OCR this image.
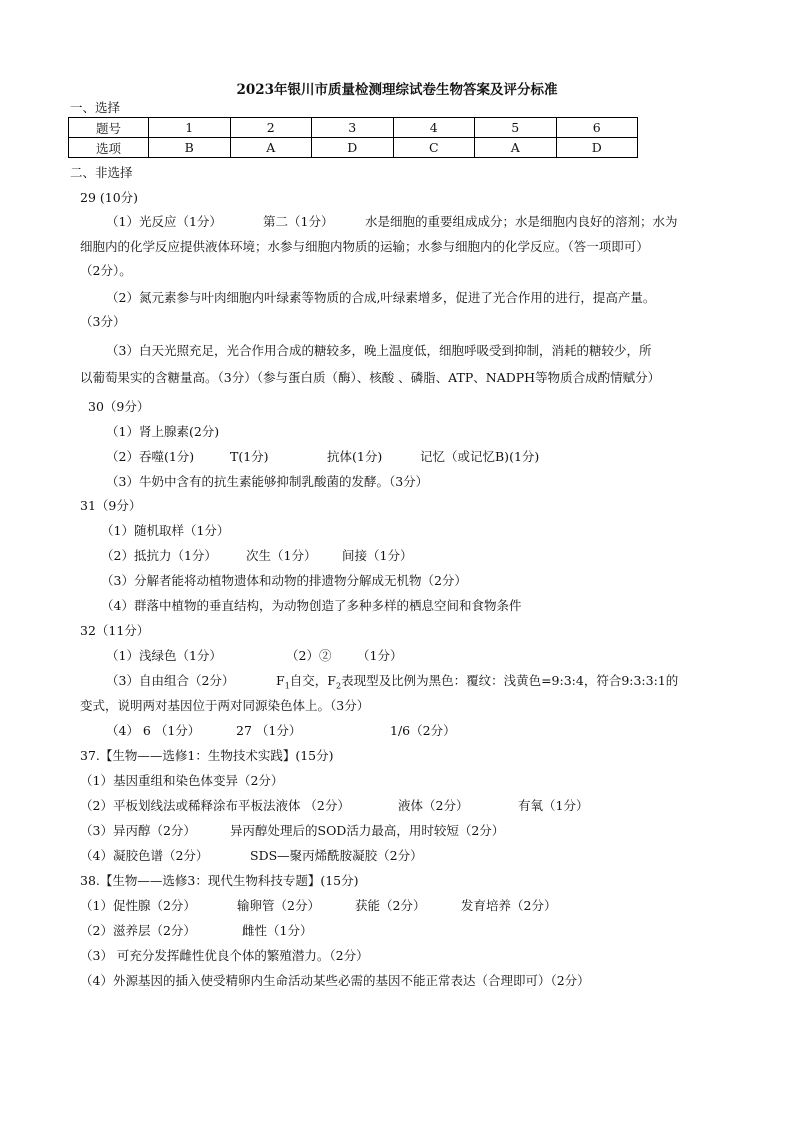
2023年银川市质量检测理综试卷生物答案及评分标准
一、选择
题号	1	2	3	4	5	6
选项	B	A	D	C	A	D
二、非选择
29 (10分)
（1）光反应（1分）	第二（1分）	水是细胞的重要组成成分；水是细胞内良好的溶剂；水为
细胞内的化学反应提供液体环境；水参与细胞内物质的运输；水参与细胞内的化学反应。（答一项即可）
（2分）。
（2）氮元素参与叶肉细胞内叶绿素等物质的合成,叶绿素增多，促进了光合作用的进行，提高产量。
（3分）
（3）白天光照充足，光合作用合成的糖较多，晚上温度低，细胞呼吸受到抑制，消耗的糖较少，所
以葡萄果实的含糖量高。（3分）（参与蛋白质（酶）、核酸 、磷脂、ATP、NADPH等物质合成酌情赋分）
30（9分）
（1）肾上腺素(2分)
（2）吞噬(1分)	T(1分)	抗体(1分)	记忆（或记忆B)(1分)
（3）牛奶中含有的抗生素能够抑制乳酸菌的发酵。（3分）
31（9分）
（1）随机取样（1分）
（2）抵抗力（1分） 次生（1分） 间接（1分）
（3）分解者能将动植物遗体和动物的排遗物分解成无机物（2分）
（4）群落中植物的垂直结构，为动物创造了多种多样的栖息空间和食物条件
32（11分）
（1）浅绿色（1分）	（2）② （1分）
（3）自由组合（2分）	$F_1$自交，$F_2$表现型及比例为黑色：覆纹：浅黄色=9:3:4，符合9:3:3:1的
变式，说明两对基因位于两对同源染色体上。（3分）
（4） 6 （1分）	27 （1分）	1/6（2分）
37.【生物——选修1：生物技术实践】(15分)
（1）基因重组和染色体变异（2分）
（2）平板划线法或稀释涂布平板法液体 （2分）	液体（2分）	有氧（1分）
（3）异丙醇（2分）	异丙醇处理后的SOD活力最高，用时较短（2分）
（4）凝胶色谱（2分）	SDS—聚丙烯酰胺凝胶（2分）
38.【生物——选修3：现代生物科技专题】(15分)
（1）促性腺（2分）	输卵管（2分）	获能（2分）	发育培养（2分）
（2）滋养层（2分）	雌性（1分）
（3） 可充分发挥雌性优良个体的繁殖潜力。（2分）
（4）外源基因的插入使受精卵内生命活动某些必需的基因不能正常表达（合理即可）（2分）
